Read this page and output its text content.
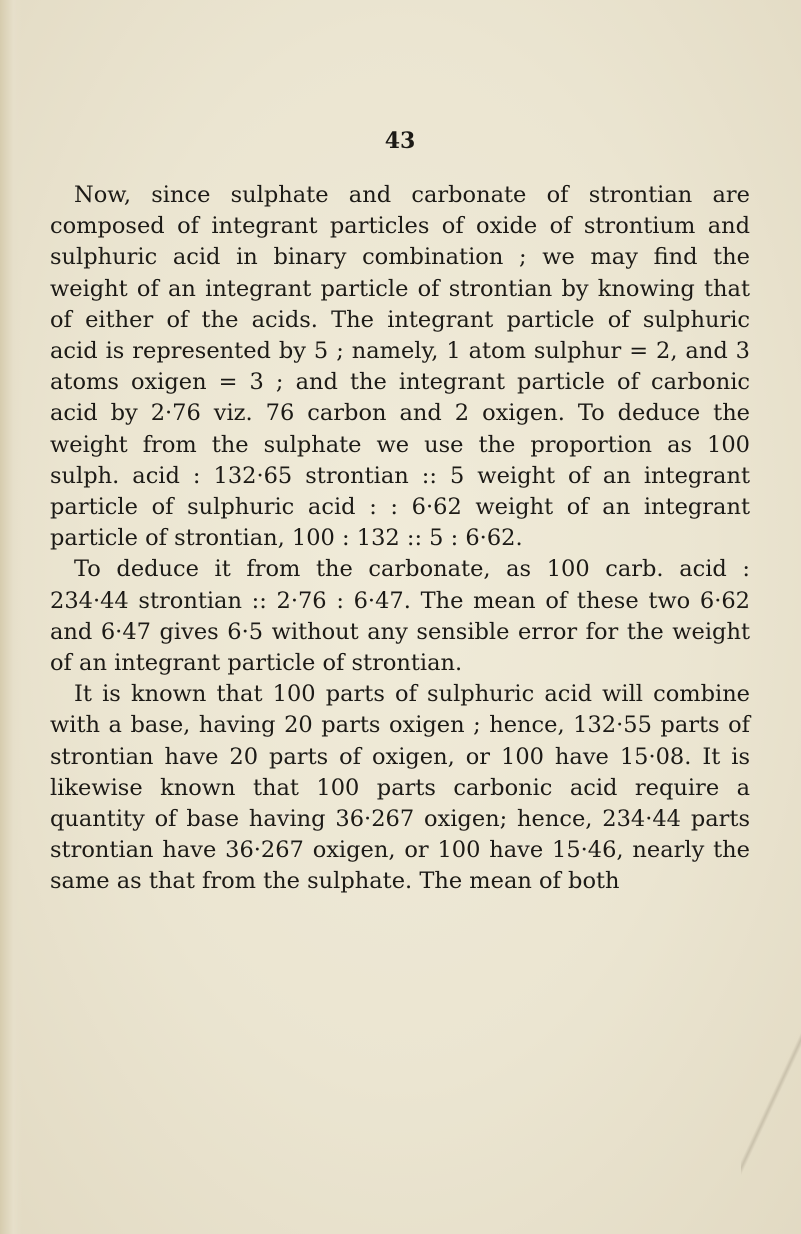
43

Now, since sulphate and carbonate of strontian are composed of integrant particles of oxide of strontium and sulphuric acid in binary combination ; we may find the weight of an integrant particle of strontian by knowing that of either of the acids. The integrant particle of sulphuric acid is represented by 5 ; namely, 1 atom sulphur = 2, and 3 atoms oxigen = 3 ; and the integrant particle of carbonic acid by 2·76 viz. 76 carbon and 2 oxigen. To deduce the weight from the sulphate we use the proportion as 100 sulph. acid : 132·65 strontian :: 5 weight of an integrant particle of sulphuric acid : : 6·62 weight of an integrant particle of strontian, 100 : 132 :: 5 : 6·62.

To deduce it from the carbonate, as 100 carb. acid : 234·44 strontian :: 2·76 : 6·47. The mean of these two 6·62 and 6·47 gives 6·5 without any sensible error for the weight of an integrant particle of strontian.

It is known that 100 parts of sulphuric acid will combine with a base, having 20 parts oxigen ; hence, 132·55 parts of strontian have 20 parts of oxigen, or 100 have 15·08. It is likewise known that 100 parts carbonic acid require a quantity of base having 36·267 oxigen; hence, 234·44 parts strontian have 36·267 oxigen, or 100 have 15·46, nearly the same as that from the sulphate. The mean of both
